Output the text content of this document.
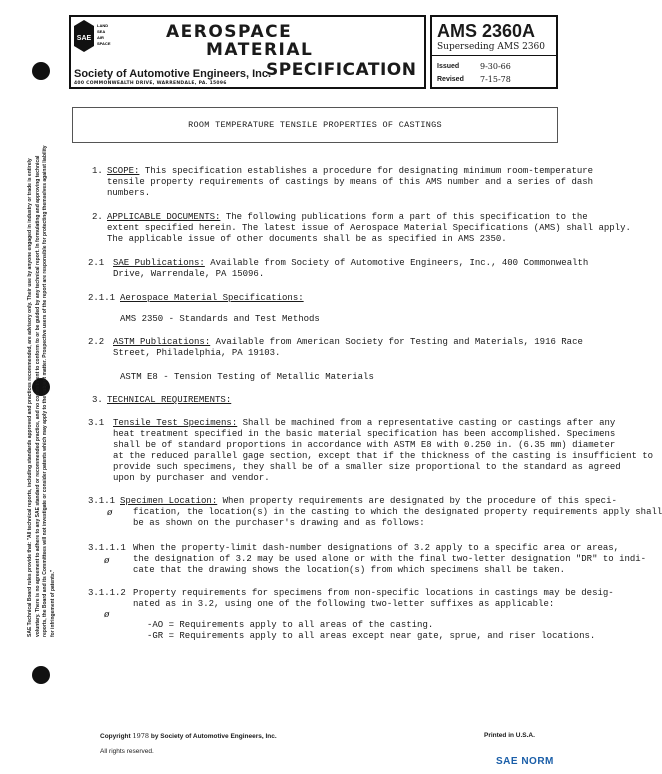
SAE
LAND
SEA
AIR
SPACE
AEROSPACE
MATERIAL
SPECIFICATION
Society of Automotive Engineers, Inc.
400 COMMONWEALTH DRIVE, WARRENDALE, PA. 15096
AMS 2360A
Superseding AMS 2360
Issued	9-30-66
Revised 7-15-78
SAE Technical Board rules provide that: "All technical reports, including standards approved and practices recommended, are advisory only. Their use by anyone engaged in industry or trade is entirely voluntary. There is no agreement to adhere to any SAE standard or recommended practice, and no commitment to conform to or be guided by any technical report. In formulating and approving technical reports, the Board and its Committees will not investigate or consider patents which may apply to the subject matter. Prospective users of the report are responsible for protecting themselves against liability for infringement of patents."
ROOM TEMPERATURE TENSILE PROPERTIES OF CASTINGS
1. SCOPE: This specification establishes a procedure for designating minimum room-temperature
tensile property requirements of castings by means of this AMS number and a series of dash
numbers.
2. APPLICABLE DOCUMENTS: The following publications form a part of this specification to the
extent specified herein. The latest issue of Aerospace Material Specifications (AMS) shall apply.
The applicable issue of other documents shall be as specified in AMS 2350.
2.1 SAE Publications: Available from Society of Automotive Engineers, Inc., 400 Commonwealth
Drive, Warrendale, PA 15096.
2.1.1 Aerospace Material Specifications:
AMS 2350 - Standards and Test Methods
2.2 ASTM Publications: Available from American Society for Testing and Materials, 1916 Race
Street, Philadelphia, PA 19103.
ASTM E8 - Tension Testing of Metallic Materials
3. TECHNICAL REQUIREMENTS:
3.1 Tensile Test Specimens: Shall be machined from a representative casting or castings after any
heat treatment specified in the basic material specification has been accomplished. Specimens
shall be of standard proportions in accordance with ASTM E8 with 0.250 in. (6.35 mm) diameter
at the reduced parallel gage section, except that if the thickness of the casting is insufficient to
provide such specimens, they shall be of a smaller size proportional to the standard as agreed
upon by purchaser and vendor.
3.1.1 Specimen Location: When property requirements are designated by the procedure of this speci-
ø fication, the location(s) in the casting to which the designated property requirements apply shall
be as shown on the purchaser's drawing and as follows:
3.1.1.1 When the property-limit dash-number designations of 3.2 apply to a specific area or areas,
ø	the designation of 3.2 may be used alone or with the final two-letter designation "DR" to indi-
cate that the drawing shows the location(s) from which specimens shall be taken.
3.1.1.2 Property requirements for specimens from non-specific locations in castings may be desig-
nated as in 3.2, using one of the following two-letter suffixes as applicable:
ø
-AO = Requirements apply to all areas of the casting.
-GR = Requirements apply to all areas except near gate, sprue, and riser locations.
Copyright 1978 by Society of Automotive Engineers, Inc.
All rights reserved.
Printed in U.S.A.
SAE NORM
